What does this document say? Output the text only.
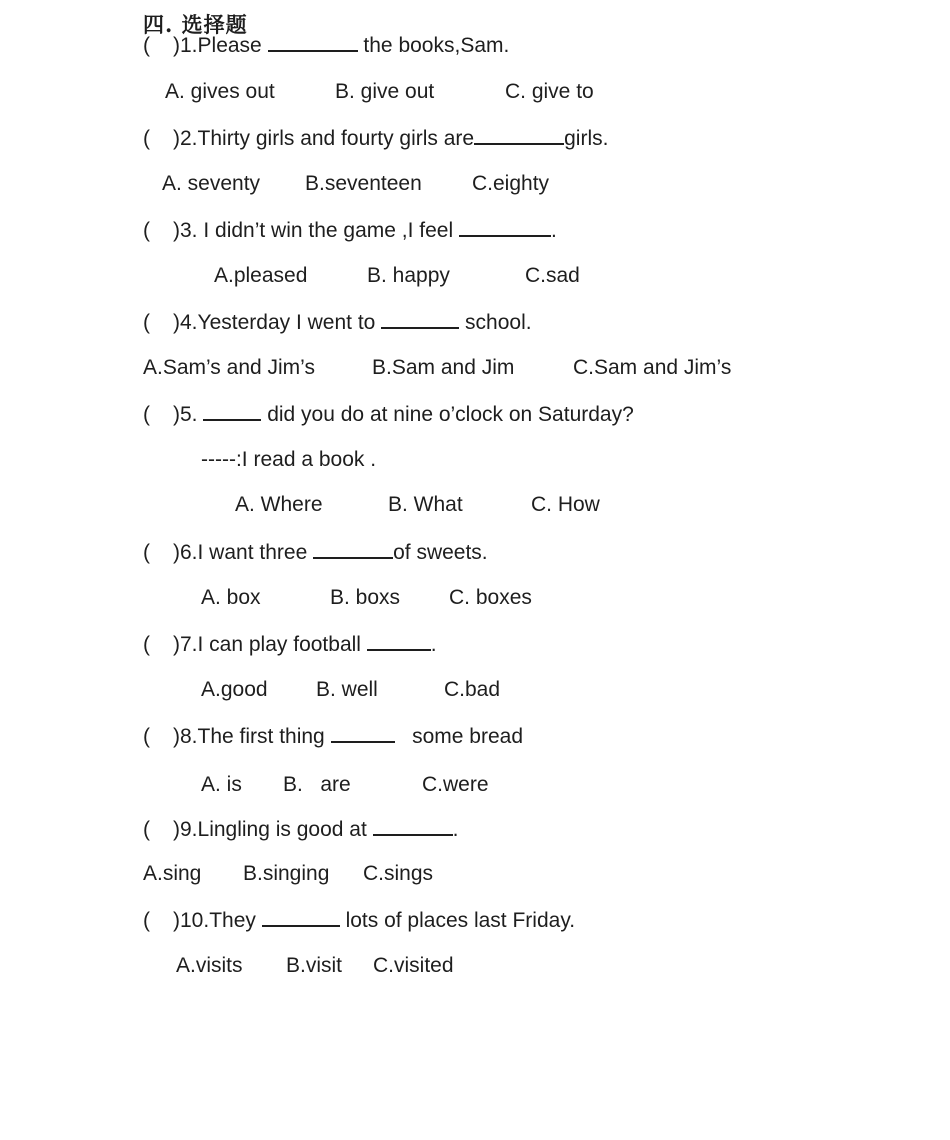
四. 选择题
( )1.Please	the books,Sam.
A. gives out	B. give out	C. give to
( )2.Thirty girls and fourty girls are	girls.
A. seventy B.seventeen C.eighty
( )3. I didn’t win the game ,I feel	.
A.pleased	B. happy	C.sad
( )4.Yesterday I went to	school.
A.Sam’s and Jim’s	B.Sam and Jim	C.Sam and Jim’s
( )5.	did you do at nine o’clock on Saturday?
-----:I read a book .
A. Where	B. What	C. How
( )6.I want three	of sweets.
A. box	B. boxs C. boxes
( )7.I can play football	.
A.good B. well	C.bad
( )8.The first thing	some bread
A. is B.   are	C.were
( )9.Lingling is good at	.
A.sing B.singing C.sings
( )10.They	lots of places last Friday.
A.visits B.visit C.visited
